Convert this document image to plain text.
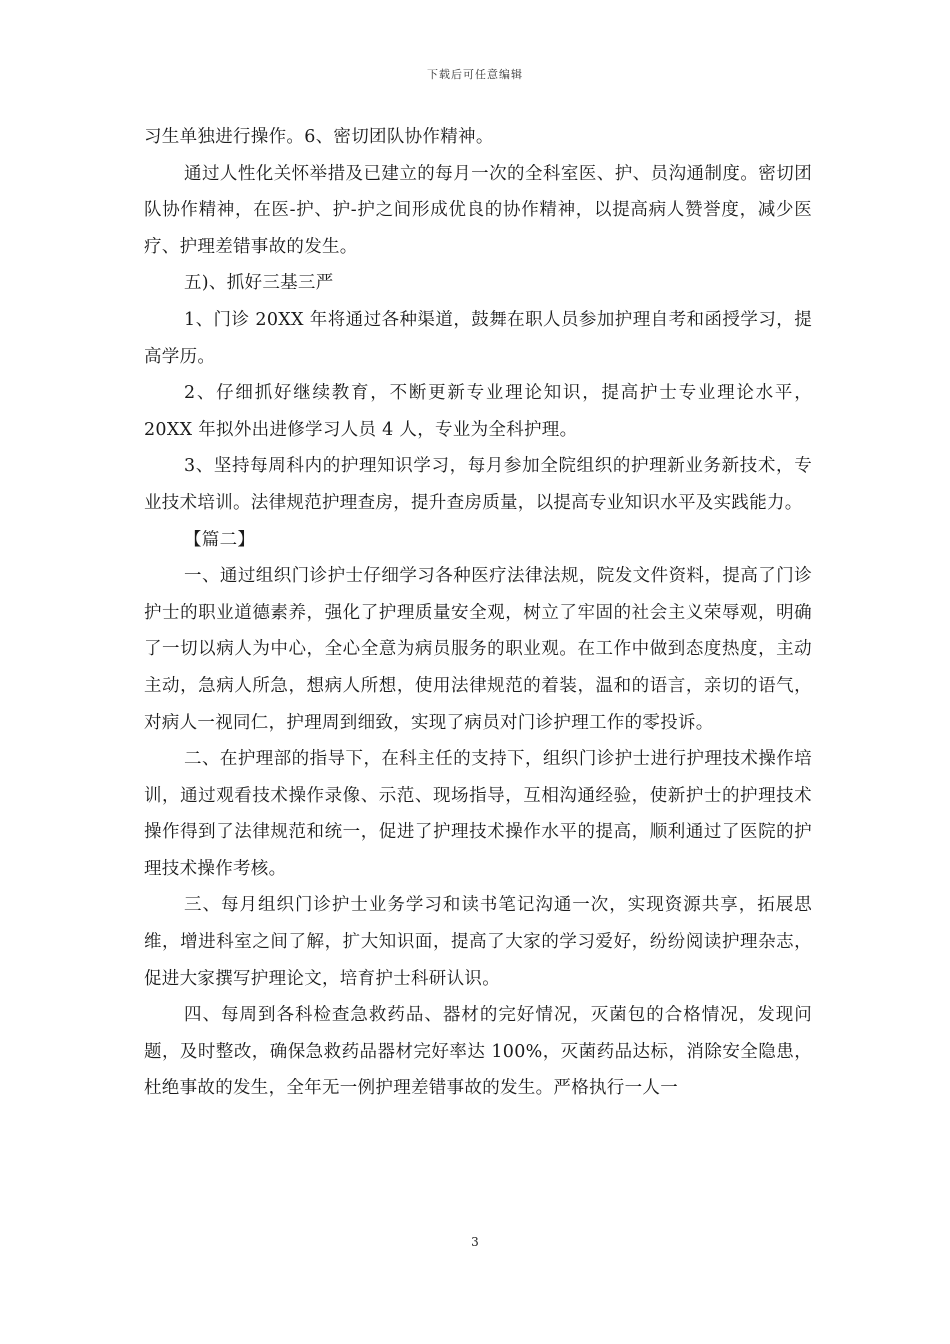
下载后可任意编辑

习生单独进行操作。6、密切团队协作精神。

通过人性化关怀举措及已建立的每月一次的全科室医、护、员沟通制度。密切团队协作精神，在医-护、护-护之间形成优良的协作精神，以提高病人赞誉度，减少医疗、护理差错事故的发生。

五)、抓好三基三严

1、门诊 20XX 年将通过各种渠道，鼓舞在职人员参加护理自考和函授学习，提高学历。

2、仔细抓好继续教育，不断更新专业理论知识，提高护士专业理论水平，20XX 年拟外出进修学习人员 4 人，专业为全科护理。

3、坚持每周科内的护理知识学习，每月参加全院组织的护理新业务新技术，专业技术培训。法律规范护理查房，提升查房质量，以提高专业知识水平及实践能力。

【篇二】

一、通过组织门诊护士仔细学习各种医疗法律法规，院发文件资料，提高了门诊护士的职业道德素养，强化了护理质量安全观，树立了牢固的社会主义荣辱观，明确了一切以病人为中心，全心全意为病员服务的职业观。在工作中做到态度热度，主动主动，急病人所急，想病人所想，使用法律规范的着装，温和的语言，亲切的语气，对病人一视同仁，护理周到细致，实现了病员对门诊护理工作的零投诉。

二、在护理部的指导下，在科主任的支持下，组织门诊护士进行护理技术操作培训，通过观看技术操作录像、示范、现场指导，互相沟通经验，使新护士的护理技术操作得到了法律规范和统一，促进了护理技术操作水平的提高，顺利通过了医院的护理技术操作考核。

三、每月组织门诊护士业务学习和读书笔记沟通一次，实现资源共享，拓展思维，增进科室之间了解，扩大知识面，提高了大家的学习爱好，纷纷阅读护理杂志，促进大家撰写护理论文，培育护士科研认识。

四、每周到各科检查急救药品、器材的完好情况，灭菌包的合格情况，发现问题，及时整改，确保急救药品器材完好率达 100%，灭菌药品达标，消除安全隐患，杜绝事故的发生，全年无一例护理差错事故的发生。严格执行一人一

3
